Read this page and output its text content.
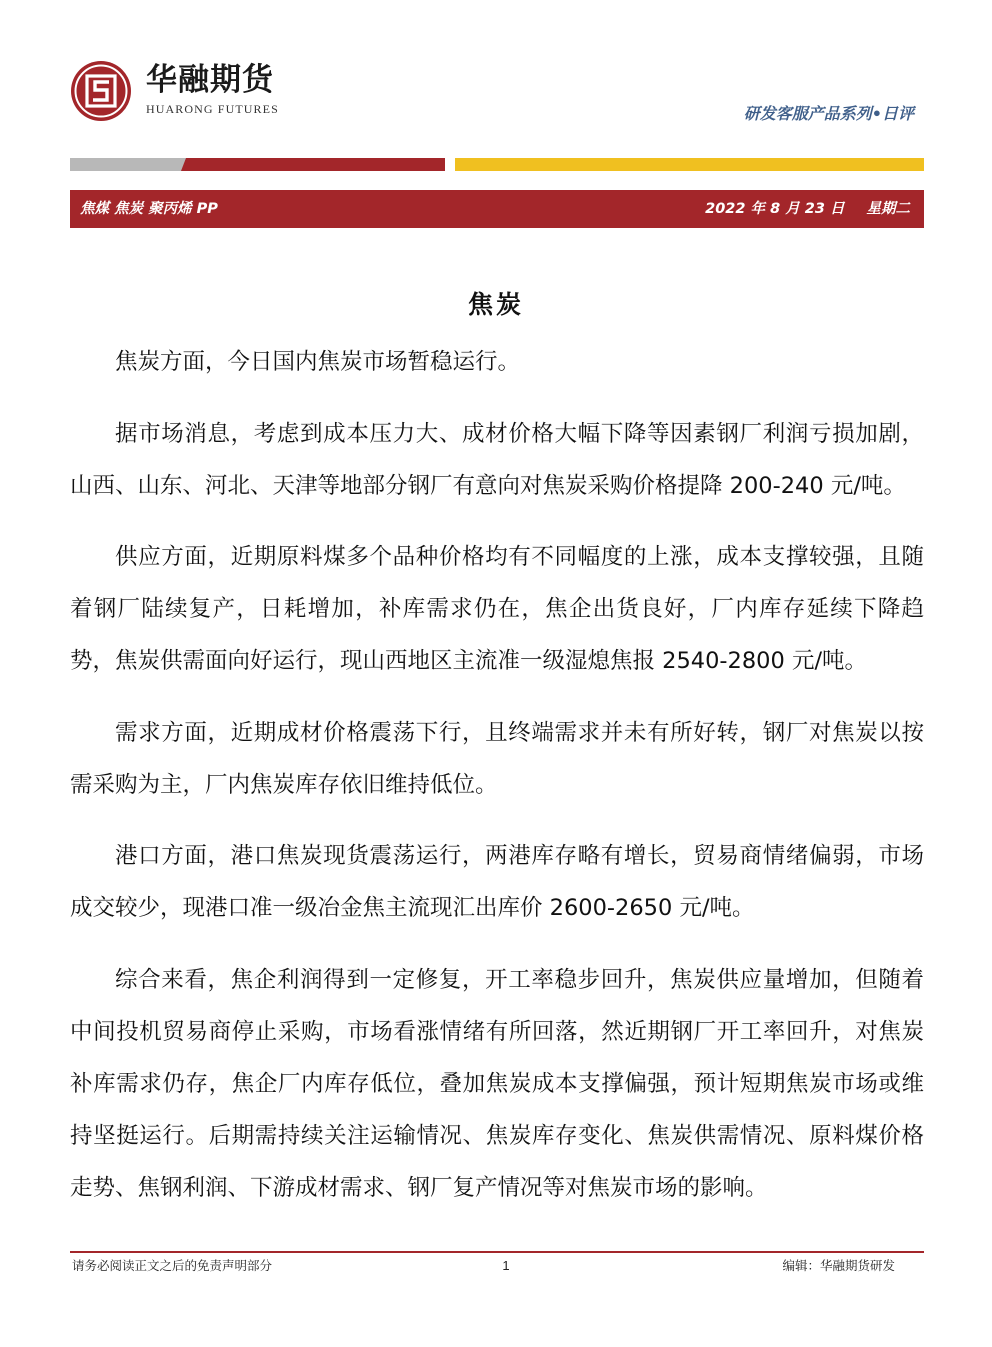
华融期货
HUARONG FUTURES	研发客服产品系列•日评
焦煤 焦炭 聚丙烯 PP	2022 年 8 月 23 日 星期二
焦炭

焦炭方面，今日国内焦炭市场暂稳运行。

据市场消息，考虑到成本压力大、成材价格大幅下降等因素钢厂利润亏损加剧，山西、山东、河北、天津等地部分钢厂有意向对焦炭采购价格提降 200-240 元/吨。

供应方面，近期原料煤多个品种价格均有不同幅度的上涨，成本支撑较强，且随着钢厂陆续复产，日耗增加，补库需求仍在，焦企出货良好，厂内库存延续下降趋势，焦炭供需面向好运行，现山西地区主流准一级湿熄焦报 2540-2800 元/吨。

需求方面，近期成材价格震荡下行，且终端需求并未有所好转，钢厂对焦炭以按需采购为主，厂内焦炭库存依旧维持低位。

港口方面，港口焦炭现货震荡运行，两港库存略有增长，贸易商情绪偏弱，市场成交较少，现港口准一级冶金焦主流现汇出库价 2600-2650 元/吨。

综合来看，焦企利润得到一定修复，开工率稳步回升，焦炭供应量增加，但随着中间投机贸易商停止采购，市场看涨情绪有所回落，然近期钢厂开工率回升，对焦炭补库需求仍存，焦企厂内库存低位，叠加焦炭成本支撑偏强，预计短期焦炭市场或维持坚挺运行。后期需持续关注运输情况、焦炭库存变化、焦炭供需情况、原料煤价格走势、焦钢利润、下游成材需求、钢厂复产情况等对焦炭市场的影响。

请务必阅读正文之后的免责声明部分	1	编辑：华融期货研发
